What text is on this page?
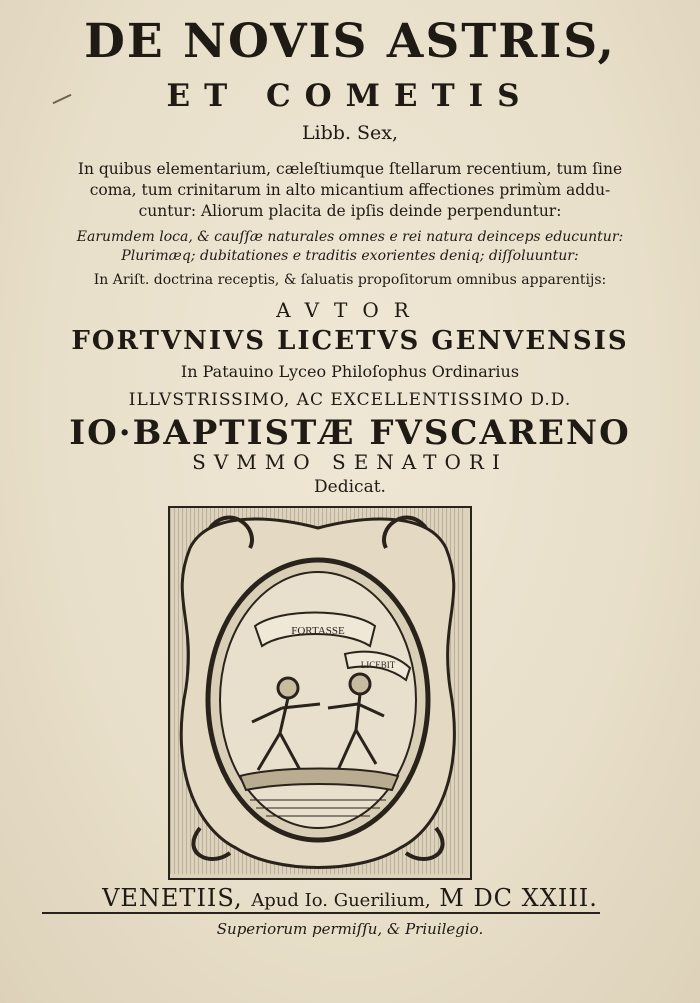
DE NOVIS ASTRIS,
ET COMETIS
Libb. Sex,
In quibus elementarium, cæleſtiumque ſtellarum recentium, tum ſine
coma, tum crinitarum in alto micantium affectiones primùm addu-
cuntur: Aliorum placita de ipſis deinde perpenduntur:
Earumdem loca, & cauſſæ naturales omnes e rei natura deinceps educuntur:
Plurimæq; dubitationes e traditis exorientes deniq; diſſoluuntur:
In Ariſt. doctrina receptis, & ſaluatis propoſitorum omnibus apparentijs:
AVTOR
FORTVNIVS LICETVS GENVENSIS
In Patauino Lyceo Philoſophus Ordinarius
ILLVSTRISSIMO, AC EXCELLENTISSIMO D.D.
IO·BAPTISTÆ FVSCARENO
SVMMO SENATORI
Dedicat.
FORTASSE
LICEBIT
VENETIIS, Apud Io. Guerilium, M DC XXIII.
Superiorum permiſſu, & Priuilegio.
